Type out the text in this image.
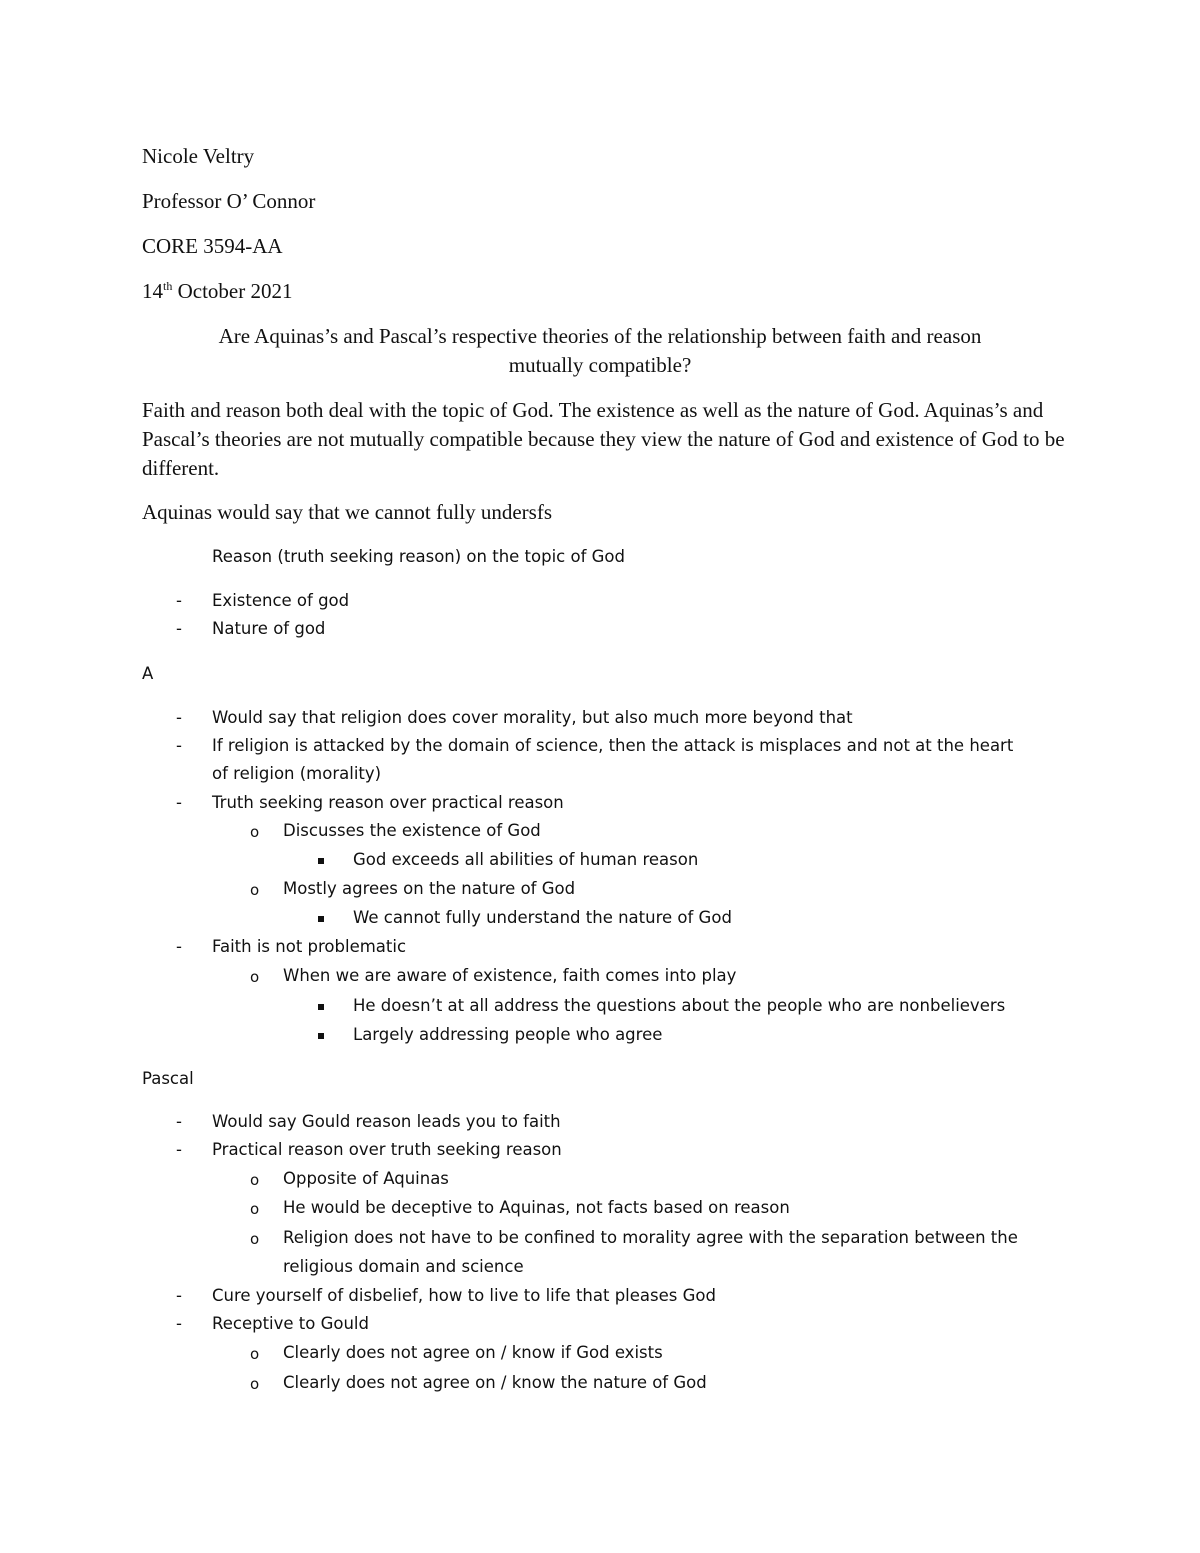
Nicole Veltry
Professor O’ Connor
CORE 3594-AA
14th October 2021
Are Aquinas’s and Pascal’s respective theories of the relationship between faith and reason
mutually compatible?
Faith and reason both deal with the topic of God. The existence as well as the nature of God. Aquinas’s and Pascal’s theories are not mutually compatible because they view the nature of God and existence of God to be different.
Aquinas would say that we cannot fully undersfs
Reason (truth seeking reason) on the topic of God
- Existence of god
- Nature of god
A
- Would say that religion does cover morality, but also much more beyond that
- If religion is attacked by the domain of science, then the attack is misplaces and not at the heart
of religion (morality)
- Truth seeking reason over practical reason
o Discusses the existence of God
God exceeds all abilities of human reason
o Mostly agrees on the nature of God
We cannot fully understand the nature of God
- Faith is not problematic
o When we are aware of existence, faith comes into play
He doesn’t at all address the questions about the people who are nonbelievers
Largely addressing people who agree
Pascal
- Would say Gould reason leads you to faith
- Practical reason over truth seeking reason
o Opposite of Aquinas
o He would be deceptive to Aquinas, not facts based on reason
o Religion does not have to be confined to morality agree with the separation between the
religious domain and science
- Cure yourself of disbelief, how to live to life that pleases God
- Receptive to Gould
o Clearly does not agree on / know if God exists
o Clearly does not agree on / know the nature of God
